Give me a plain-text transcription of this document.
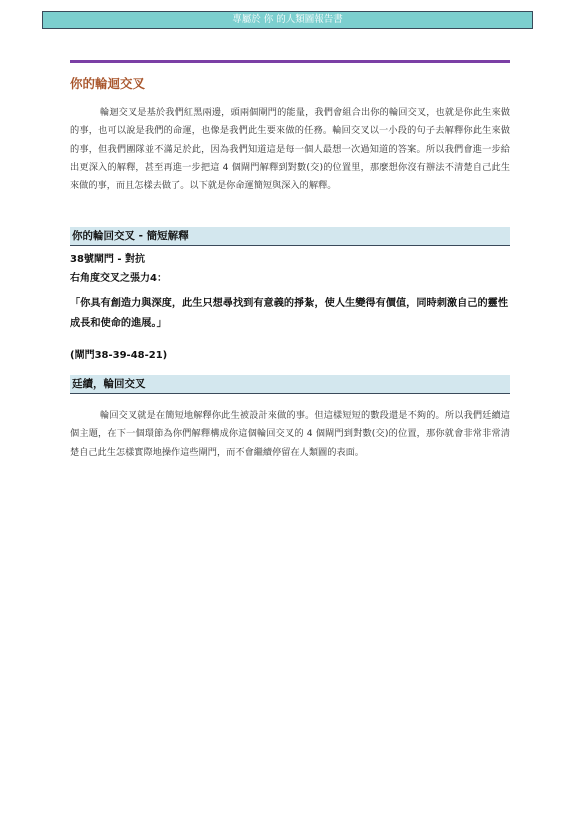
專屬於 你 的人類圖報告書
你的輪迴交叉

輪迴交叉是基於我們紅黑兩邊，頭兩個閘門的能量，我們會組合出你的輪回交叉，也就是你此生來做的事，也可以說是我們的命運，也像是我們此生要來做的任務。輪回交叉以一小段的句子去解釋你此生來做的事，但我們團隊並不滿足於此，因為我們知道這是每一個人最想一次過知道的答案。所以我們會進一步給出更深入的解釋，甚至再進一步把這 4 個閘門解釋到對數(交)的位置里，那麼想你沒有辦法不清楚自己此生來做的事，而且怎樣去做了。以下就是你命運簡短與深入的解釋。

你的輪回交叉 - 簡短解釋
38號閘門 - 對抗
右角度交叉之張力4：

「你具有創造力與深度，此生只想尋找到有意義的掙紮，使人生變得有價值，同時刺激自己的靈性成長和使命的進展。」

(閘門38-39-48-21)
廷續，輪回交叉

輪回交叉就是在簡短地解釋你此生被設計來做的事。但這樣短短的數段還是不夠的。所以我們廷續這個主題，在下一個環節為你們解釋構成你這個輪回交叉的 4 個閘門到對數(交)的位置，那你就會非常非常清楚自己此生怎樣實際地操作這些閘門，而不會繼續停留在人類圖的表面。
